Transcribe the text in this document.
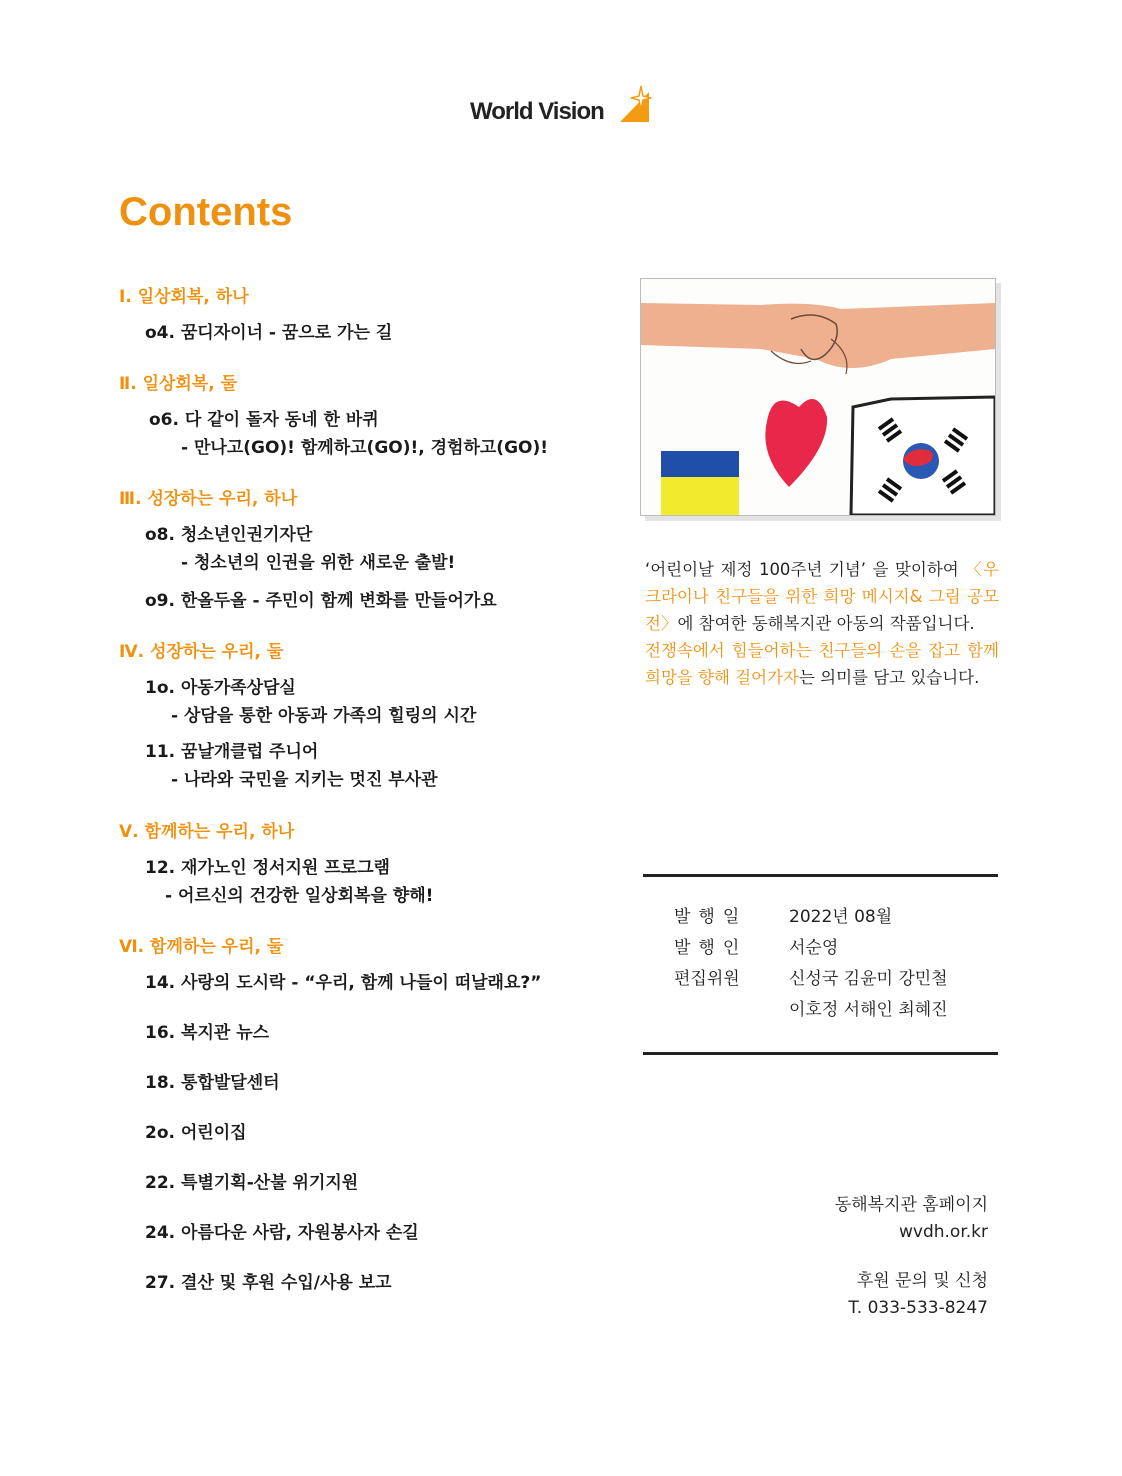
World Vision
Contents
Ⅰ. 일상회복, 하나
o4. 꿈디자이너 - 꿈으로 가는 길
Ⅱ. 일상회복, 둘
o6. 다 같이 돌자 동네 한 바퀴
- 만나고(GO)! 함께하고(GO)!, 경험하고(GO)!
Ⅲ. 성장하는 우리, 하나
o8. 청소년인권기자단
- 청소년의 인권을 위한 새로운 출발!
o9. 한올두올 - 주민이 함께 변화를 만들어가요
Ⅳ. 성장하는 우리, 둘
1o. 아동가족상담실
- 상담을 통한 아동과 가족의 힐링의 시간
11. 꿈날개클럽 주니어
- 나라와 국민을 지키는 멋진 부사관
Ⅴ. 함께하는 우리, 하나
12. 재가노인 정서지원 프로그램
- 어르신의 건강한 일상회복을 향해!
Ⅵ. 함께하는 우리, 둘
14. 사랑의 도시락 - “우리, 함께 나들이 떠날래요?”
16. 복지관 뉴스
18. 통합발달센터
2o. 어린이집
22. 특별기획-산불 위기지원
24. 아름다운 사람, 자원봉사자 손길
27. 결산 및 후원 수입/사용 보고
‘어린이날 제정 100주년 기념’ 을 맞이하여 〈우크라이나 친구들을 위한 희망 메시지& 그림 공모전〉에 참여한 동해복지관 아동의 작품입니다.
전쟁속에서 힘들어하는 친구들의 손을 잡고 함께 희망을 향해 걸어가자는 의미를 담고 있습니다.
발행일	2022년 08월
발행인	서순영
편집위원	신성국 김윤미 강민철
이호정 서해인 최혜진
동해복지관 홈페이지
wvdh.or.kr
후원 문의 및 신청
T. 033-533-8247
